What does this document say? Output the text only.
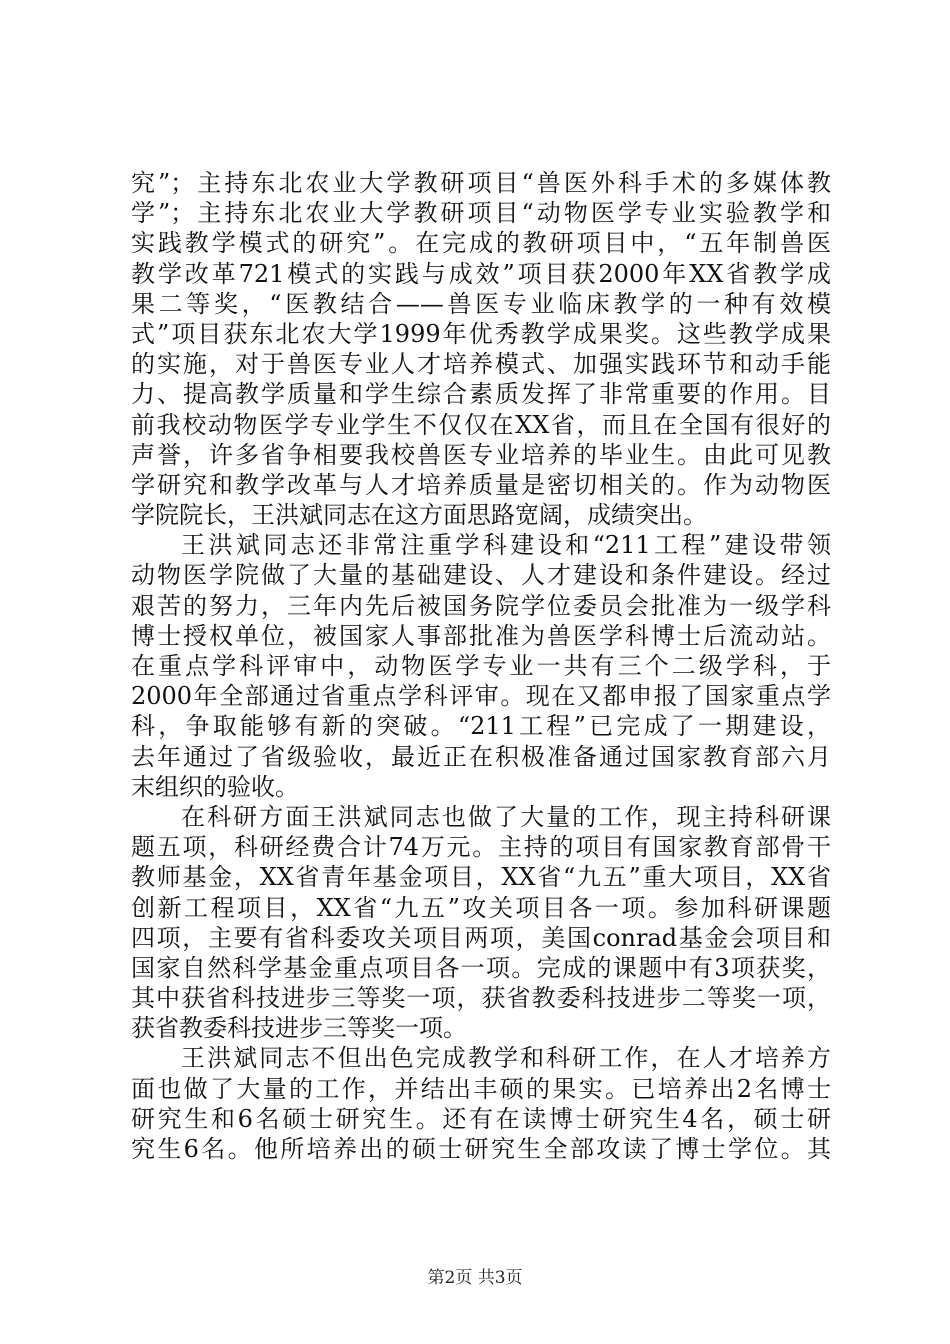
究”；主持东北农业大学教研项目“兽医外科手术的多媒体教
学”；主持东北农业大学教研项目“动物医学专业实验教学和
实践教学模式的研究”。在完成的教研项目中，“五年制兽医
教学改革721模式的实践与成效”项目获2000年XX省教学成
果二等奖，“医教结合——兽医专业临床教学的一种有效模
式”项目获东北农大学1999年优秀教学成果奖。这些教学成果
的实施，对于兽医专业人才培养模式、加强实践环节和动手能
力、提高教学质量和学生综合素质发挥了非常重要的作用。目
前我校动物医学专业学生不仅仅在XX省，而且在全国有很好的
声誉，许多省争相要我校兽医专业培养的毕业生。由此可见教
学研究和教学改革与人才培养质量是密切相关的。作为动物医
学院院长，王洪斌同志在这方面思路宽阔，成绩突出。
王洪斌同志还非常注重学科建设和“211工程”建设带领
动物医学院做了大量的基础建设、人才建设和条件建设。经过
艰苦的努力，三年内先后被国务院学位委员会批准为一级学科
博士授权单位，被国家人事部批准为兽医学科博士后流动站。
在重点学科评审中，动物医学专业一共有三个二级学科，于
2000年全部通过省重点学科评审。现在又都申报了国家重点学
科，争取能够有新的突破。“211工程”已完成了一期建设，
去年通过了省级验收，最近正在积极准备通过国家教育部六月
末组织的验收。
在科研方面王洪斌同志也做了大量的工作，现主持科研课
题五项，科研经费合计74万元。主持的项目有国家教育部骨干
教师基金，XX省青年基金项目，XX省“九五”重大项目，XX省
创新工程项目，XX省“九五”攻关项目各一项。参加科研课题
四项，主要有省科委攻关项目两项，美国conrad基金会项目和
国家自然科学基金重点项目各一项。完成的课题中有3项获奖，
其中获省科技进步三等奖一项，获省教委科技进步二等奖一项，
获省教委科技进步三等奖一项。
王洪斌同志不但出色完成教学和科研工作，在人才培养方
面也做了大量的工作，并结出丰硕的果实。已培养出2名博士
研究生和6名硕士研究生。还有在读博士研究生4名，硕士研
究生6名。他所培养出的硕士研究生全部攻读了博士学位。其
第2页 共3页
